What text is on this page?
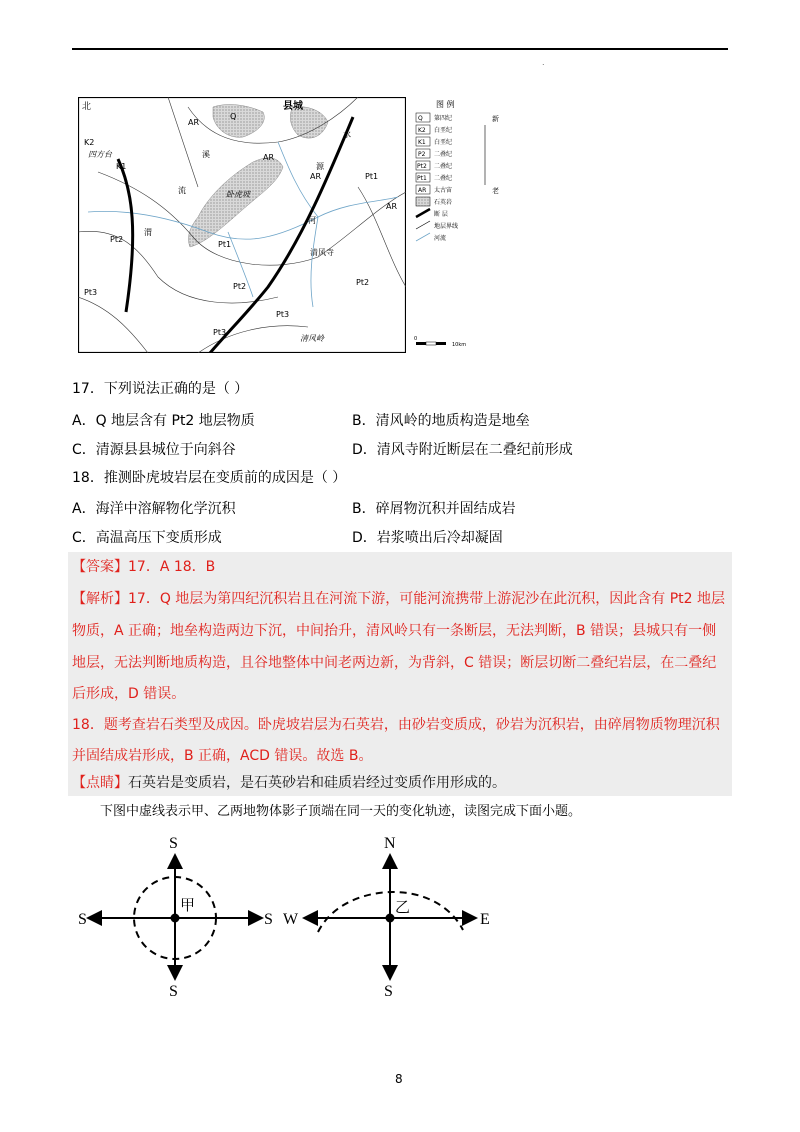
.
北	县城
K2
四方台
K1
Q
AR
AR
AR
AR
卧虎坡
Pt1
Pt1
Pt2
Pt2	Pt2
Pt3
Pt3
Pt3
清风寺
清风岭
溪
流
渭
河
源
水
图 例
新
老
Q 第四纪
K2 白垩纪
K1 白垩纪
P2 二叠纪
Pt2 二叠纪
Pt1 二叠纪
AR 太古宙
石英岩
断 层
地层界线
河流
0
10km
17．下列说法正确的是（ ）
A．Q 地层含有 Pt2 地层物质	B．清风岭的地质构造是地垒
C．清源县县城位于向斜谷	D．清风寺附近断层在二叠纪前形成
18．推测卧虎坡岩层在变质前的成因是（ ）
A．海洋中溶解物化学沉积	B．碎屑物沉积并固结成岩
C．高温高压下变质形成	D．岩浆喷出后冷却凝固
【答案】17．A 18．B
【解析】17．Q 地层为第四纪沉积岩且在河流下游，可能河流携带上游泥沙在此沉积，因此含有 Pt2 地层
物质，A 正确；地垒构造两边下沉，中间抬升，清风岭只有一条断层，无法判断，B 错误；县城只有一侧
地层，无法判断地质构造，且谷地整体中间老两边新，为背斜，C 错误；断层切断二叠纪岩层，在二叠纪
后形成，D 错误。
18．题考查岩石类型及成因。卧虎坡岩层为石英岩，由砂岩变质成，砂岩为沉积岩，由碎屑物质物理沉积
并固结成岩形成，B 正确，ACD 错误。故选 B。
【点睛】石英岩是变质岩，是石英砂岩和硅质岩经过变质作用形成的。
下图中虚线表示甲、乙两地物体影子顶端在同一天的变化轨迹，读图完成下面小题。
S
S
S	S
甲
N
S
W	E
乙
8
